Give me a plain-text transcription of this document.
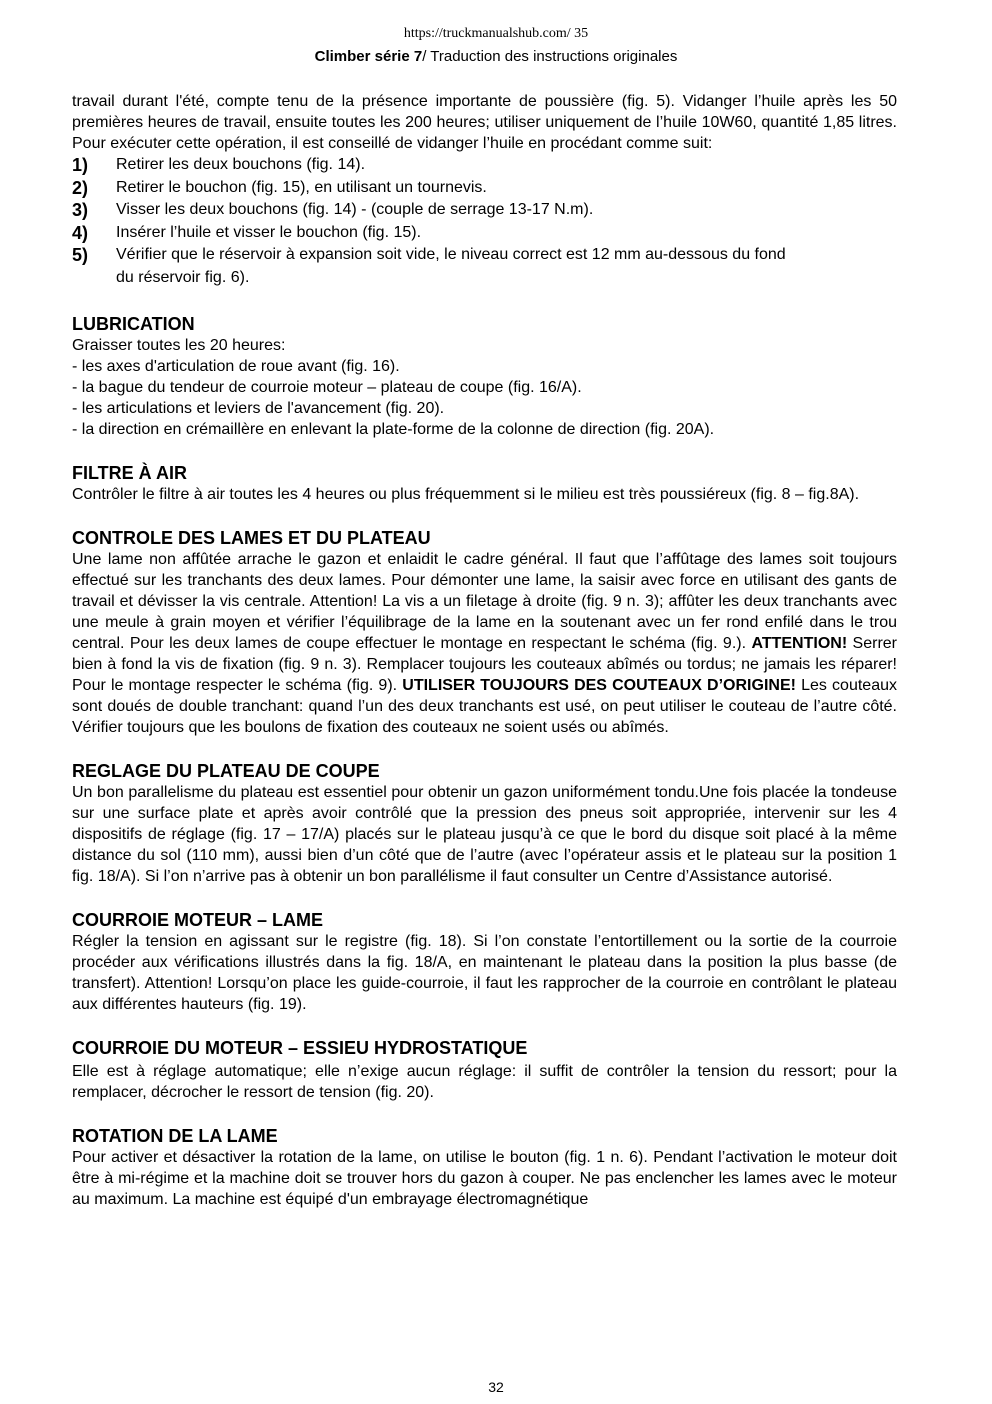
https://truckmanualshub.com/ 35
Climber série 7/ Traduction des instructions originales

travail durant l'été, compte tenu de la présence importante de poussière (fig. 5). Vidanger l’huile après les 50 premières heures de travail, ensuite toutes les 200 heures; utiliser uniquement de l’huile 10W60, quantité 1,85 litres. Pour exécuter cette opération, il est conseillé de vidanger l’huile en procédant comme suit:

1)	Retirer les deux bouchons (fig. 14).
2)	Retirer le bouchon (fig. 15), en utilisant un tournevis.
3)	Visser les deux bouchons (fig. 14) - (couple de serrage 13-17 N.m).
4)	Insérer l’huile et visser le bouchon (fig. 15).
5)	Vérifier que le réservoir à expansion soit vide, le niveau correct est 12 mm au-dessous du fond
du réservoir fig. 6).
LUBRICATION
Graisser toutes les 20 heures:
- les axes d'articulation de roue avant (fig. 16).
- la bague du tendeur de courroie moteur – plateau de coupe (fig. 16/A).
- les articulations et leviers de l'avancement (fig. 20).
- la direction en crémaillère en enlevant la plate-forme de la colonne de direction (fig. 20A).
FILTRE À AIR

Contrôler le filtre à air toutes les 4 heures ou plus fréquemment si le milieu est très poussiéreux (fig. 8 – fig.8A).

CONTROLE DES LAMES ET DU PLATEAU

Une lame non affûtée arrache le gazon et enlaidit le cadre général. Il faut que l’affûtage des lames soit toujours effectué sur les tranchants des deux lames. Pour démonter une lame, la saisir avec force en utilisant des gants de travail et dévisser la vis centrale. Attention! La vis a un filetage à droite (fig. 9 n. 3); affûter les deux tranchants avec une meule à grain moyen et vérifier l’équilibrage de la lame en la soutenant avec un fer rond enfilé dans le trou central. Pour les deux lames de coupe effectuer le montage en respectant le schéma (fig. 9.). ATTENTION! Serrer bien à fond la vis de fixation (fig. 9 n. 3). Remplacer toujours les couteaux abîmés ou tordus; ne jamais les réparer! Pour le montage respecter le schéma (fig. 9). UTILISER TOUJOURS DES COUTEAUX D’ORIGINE! Les couteaux sont doués de double tranchant: quand l’un des deux tranchants est usé, on peut utiliser le couteau de l’autre côté. Vérifier toujours que les boulons de fixation des couteaux ne soient usés ou abîmés.

REGLAGE DU PLATEAU DE COUPE

Un bon parallelisme du plateau est essentiel pour obtenir un gazon uniformément tondu.Une fois placée la tondeuse sur une surface plate et après avoir contrôlé que la pression des pneus soit appropriée, intervenir sur les 4 dispositifs de réglage (fig. 17 – 17/A) placés sur le plateau jusqu’à ce que le bord du disque soit placé à la même distance du sol (110 mm), aussi bien d’un côté que de l’autre (avec l’opérateur assis et le plateau sur la position 1 fig. 18/A). Si l’on n’arrive pas à obtenir un bon parallélisme il faut consulter un Centre d’Assistance autorisé.

COURROIE MOTEUR – LAME

Régler la tension en agissant sur le registre (fig. 18). Si l’on constate l’entortillement ou la sortie de la courroie procéder aux vérifications illustrés dans la fig. 18/A, en maintenant le plateau dans la position la plus basse (de transfert). Attention! Lorsqu’on place les guide-courroie, il faut les rapprocher de la courroie en contrôlant le plateau aux différentes hauteurs (fig. 19).

COURROIE DU MOTEUR – ESSIEU HYDROSTATIQUE

Elle est à réglage automatique; elle n’exige aucun réglage: il suffit de contrôler la tension du ressort; pour la remplacer, décrocher le ressort de tension (fig. 20).

ROTATION DE LA LAME

Pour activer et désactiver la rotation de la lame, on utilise le bouton (fig. 1 n. 6). Pendant l’activation le moteur doit être à mi-régime et la machine doit se trouver hors du gazon à couper. Ne pas enclencher les lames avec le moteur au maximum. La machine est équipé d'un embrayage électromagnétique

32
